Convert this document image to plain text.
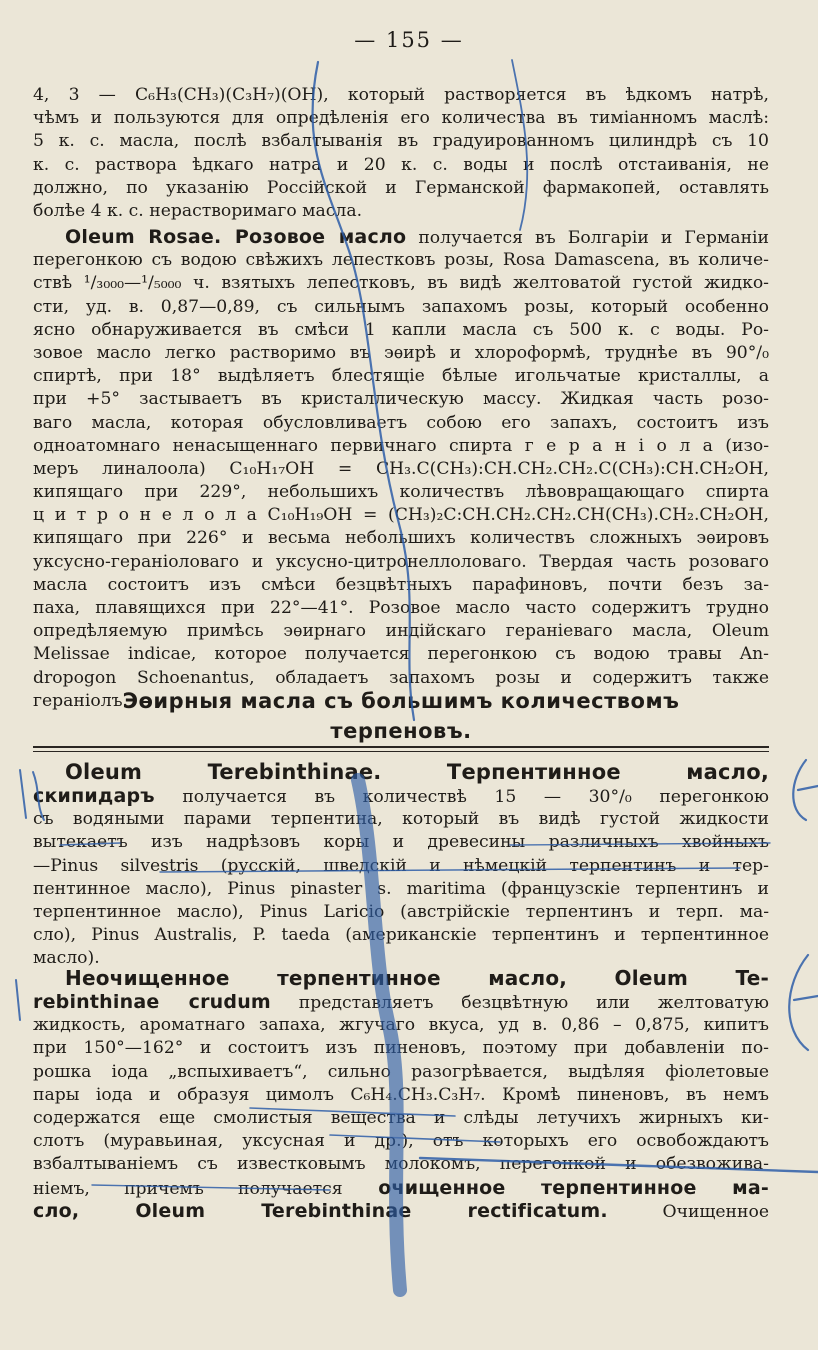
— 155 —
4, 3 — C₆H₃(CH₃)(C₃H₇)(OH), который растворяется въ ѣдкомъ натрѣ,
чѣмъ и пользуются для опредѣленія его количества въ тиміанномъ маслѣ:
5 к. с. масла, послѣ взбалтыванія въ градуированномъ цилиндрѣ съ 10
к. с. раствора ѣдкаго натра и 20 к. с. воды и послѣ отстаиванія, не
должно, по указанію Россійской и Германской фармакопей, оставлять
болѣе 4 к. с. нерастворимаго масла.
Oleum Rosae. Розовое масло получается въ Болгаріи и Германіи
перегонкою съ водою свѣжихъ лепестковъ розы, Rosa Damascena, въ количе-
ствѣ ¹/₃₀₀₀—¹/₅₀₀₀ ч. взятыхъ лепестковъ, въ видѣ желтоватой густой жидко-
сти, уд. в. 0,87—0,89, съ сильнымъ запахомъ розы, который особенно
ясно обнаруживается въ смѣси 1 капли масла съ 500 к. с воды. Ро-
зовое масло легко растворимо въ эѳирѣ и хлороформѣ, труднѣе въ 90°/₀
спиртѣ, при 18° выдѣляетъ блестящіе бѣлые игольчатые кристаллы, а
при +5° застываетъ въ кристаллическую массу. Жидкая часть розо-
ваго масла, которая обусловливаетъ собою его запахъ, состоитъ изъ
одноатомнаго ненасыщеннаго первичнаго спирта г е р а н і о л а (изо-
меръ линалоола) C₁₀H₁₇OH = CH₃.C(CH₃):CH.CH₂.CH₂.C(CH₃):CH.CH₂OH,
кипящаго при 229°, небольшихъ количествъ лѣвовращающаго спирта
ц и т р о н е л о л а C₁₀H₁₉OH = (CH₃)₂C:CH.CH₂.CH₂.CH(CH₃).CH₂.CH₂OH,
кипящаго при 226° и весьма небольшихъ количествъ сложныхъ эѳировъ
уксусно-гераніоловаго и уксусно-цитронеллоловаго. Твердая часть розоваго
масла состоитъ изъ смѣси безцвѣтныхъ парафиновъ, почти безъ за-
паха, плавящихся при 22°—41°. Розовое масло часто содержитъ трудно
опредѣляемую примѣсь эѳирнаго индійскаго гераніеваго масла, Oleum
Melissae indicae, которое получается перегонкою съ водою травы An-
dropogon Schoenantus, обладаетъ запахомъ розы и содержитъ также
гераніолъ.
Эѳирныя масла съ большимъ количествомъ
терпеновъ.
Oleum Terebinthinae. Терпентинное масло,
скипидаръ получается въ количествѣ 15 — 30°/₀ перегонкою
съ водяными парами терпентина, который въ видѣ густой жидкости
вытекаетъ изъ надрѣзовъ коры и древесины различныхъ хвойныхъ
—Pinus silvestris (русскій, шведскій и нѣмецкій терпентинъ и тер-
пентинное масло), Pinus pinaster s. maritima (французскіе терпентинъ и
терпентинное масло), Pinus Laricio (австрійскіе терпентинъ и терп. ма-
сло), Pinus Australis, P. taeda (американскіе терпентинъ и терпентинное
масло).
Неочищенное терпентинное масло, Oleum Te-
rebinthinae crudum представляетъ безцвѣтную или желтоватую
жидкость, ароматнаго запаха, жгучаго вкуса, уд в. 0,86 – 0,875, кипитъ
при 150°—162° и состоитъ изъ пиненовъ, поэтому при добавленіи по-
рошка іода „вспыхиваетъ“, сильно разогрѣвается, выдѣляя фіолетовые
пары іода и образуя цимолъ C₆H₄.CH₃.C₃H₇. Кромѣ пиненовъ, въ немъ
содержатся еще смолистыя вещества и слѣды летучихъ жирныхъ ки-
слотъ (муравьиная, уксусная и др.), отъ которыхъ его освобождаютъ
взбалтываніемъ съ известковымъ молокомъ, перегонкой и обезвожива-
ніемъ, причемъ получается очищенное терпентинное ма-
сло, Oleum Terebinthinae rectificatum. Очищенное
